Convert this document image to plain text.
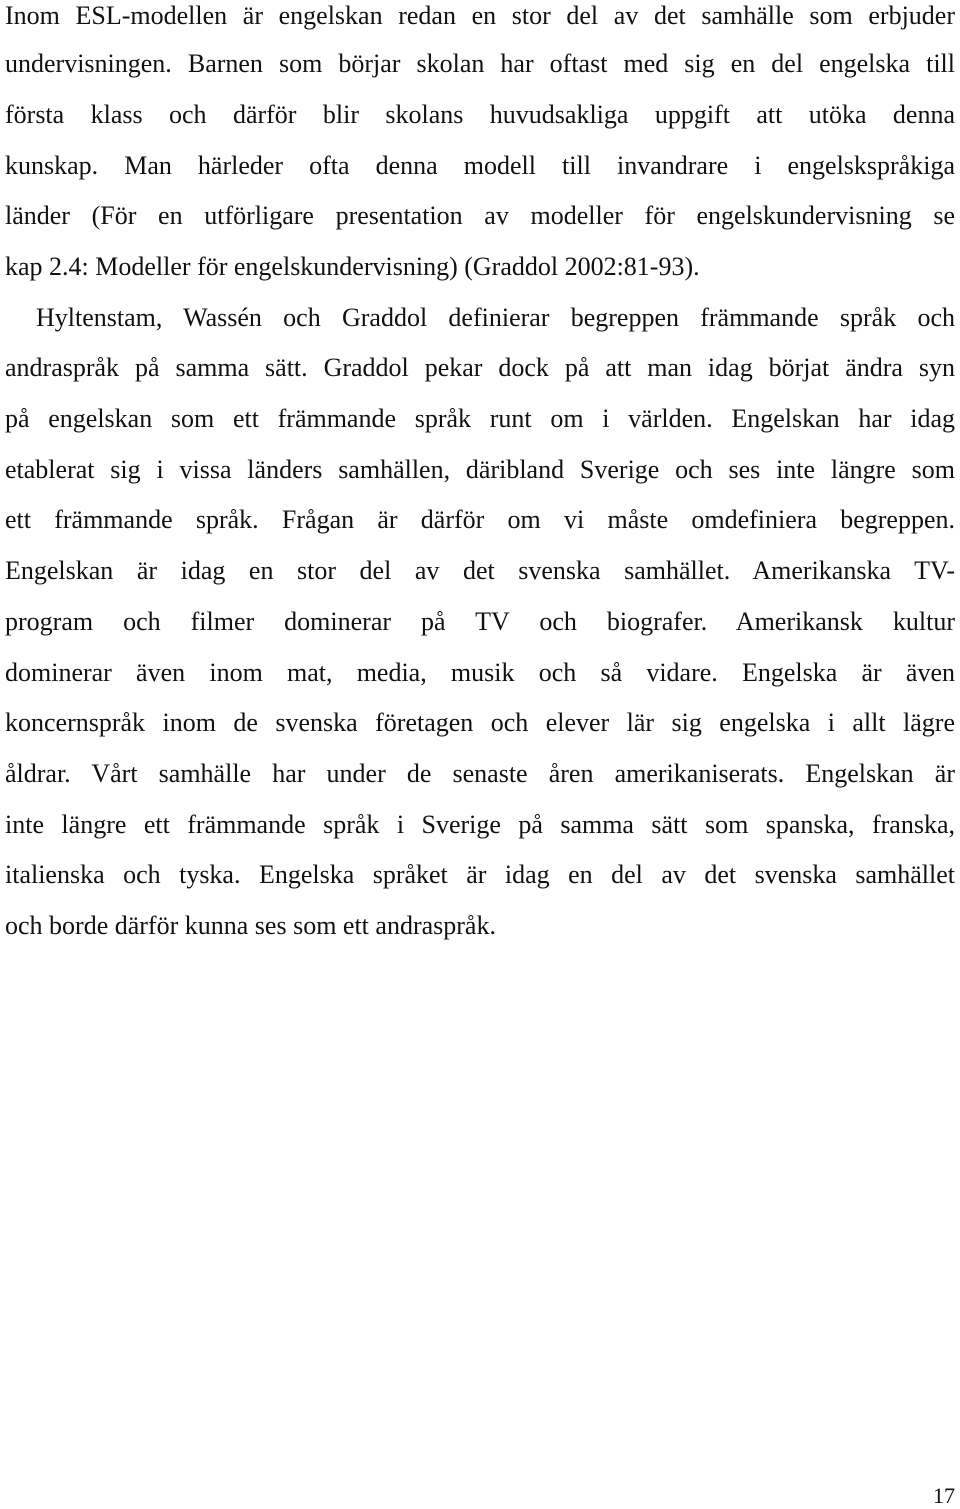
Inom ESL-modellen är engelskan redan en stor del av det samhälle som erbjuder
undervisningen. Barnen som börjar skolan har oftast med sig en del engelska till
första klass och därför blir skolans huvudsakliga uppgift att utöka denna
kunskap. Man härleder ofta denna modell till invandrare i engelskspråkiga
länder (För en utförligare presentation av modeller för engelskundervisning se
kap 2.4: Modeller för engelskundervisning) (Graddol 2002:81-93).
Hyltenstam, Wassén och Graddol definierar begreppen främmande språk och
andraspråk på samma sätt. Graddol pekar dock på att man idag börjat ändra syn
på engelskan som ett främmande språk runt om i världen. Engelskan har idag
etablerat sig i vissa länders samhällen, däribland Sverige och ses inte längre som
ett främmande språk. Frågan är därför om vi måste omdefiniera begreppen.
Engelskan är idag en stor del av det svenska samhället. Amerikanska TV-
program och filmer dominerar på TV och biografer. Amerikansk kultur
dominerar även inom mat, media, musik och så vidare. Engelska är även
koncernspråk inom de svenska företagen och elever lär sig engelska i allt lägre
åldrar. Vårt samhälle har under de senaste åren amerikaniserats. Engelskan är
inte längre ett främmande språk i Sverige på samma sätt som spanska, franska,
italienska och tyska. Engelska språket är idag en del av det svenska samhället
och borde därför kunna ses som ett andraspråk.
17
